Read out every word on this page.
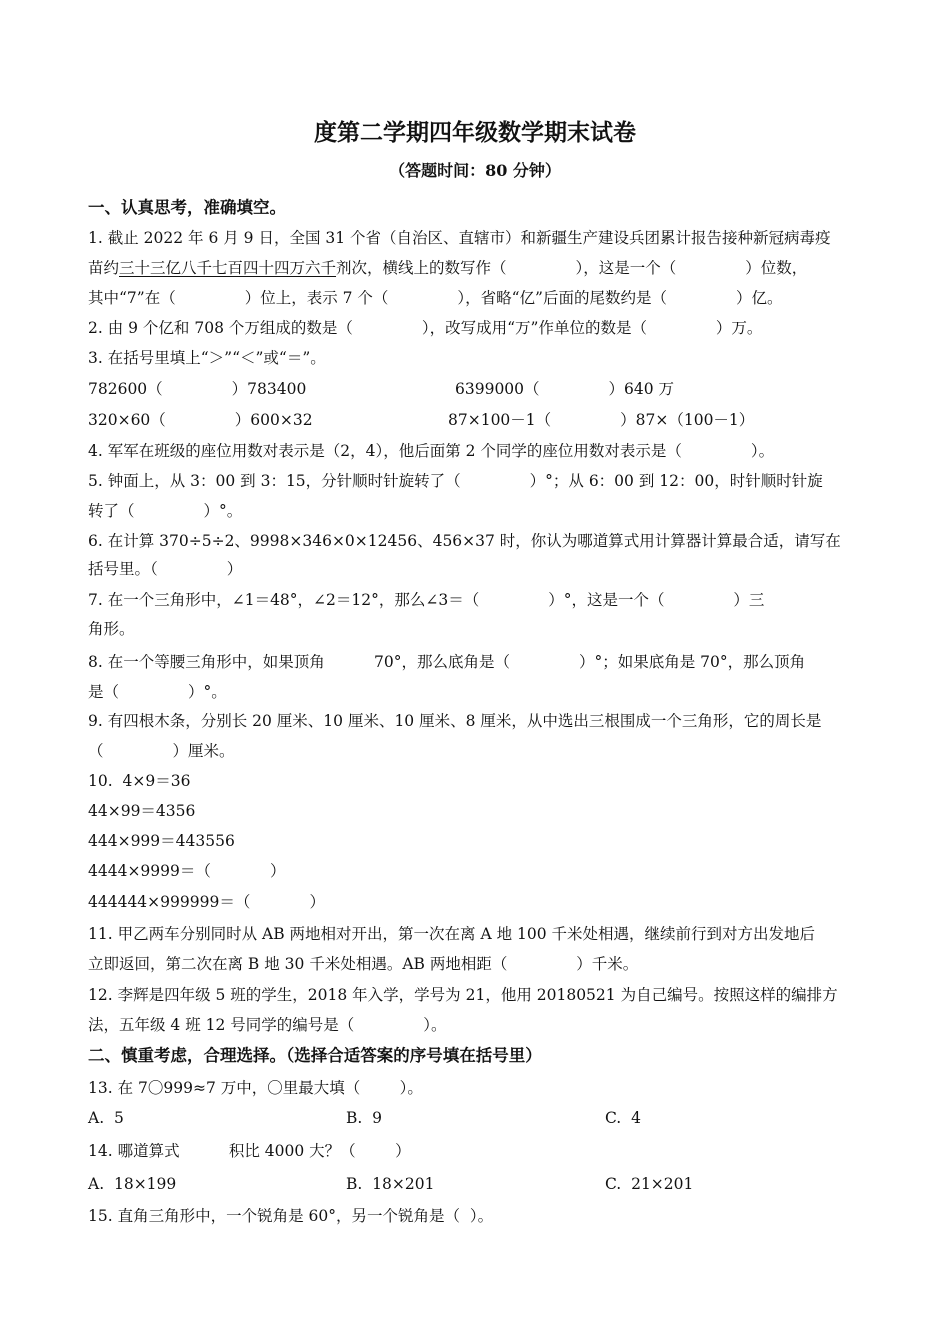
度第二学期四年级数学期末试卷
（答题时间：80 分钟）
一、认真思考，准确填空。
1. 截止 2022 年 6 月 9 日，全国 31 个省（自治区、直辖市）和新疆生产建设兵团累计报告接种新冠病毒疫
苗约三十三亿八千七百四十四万六千剂次，横线上的数写作（              ），这是一个（              ）位数，
其中“7”在（              ）位上，表示 7 个（              ），省略“亿”后面的尾数约是（              ）亿。
2. 由 9 个亿和 708 个万组成的数是（              ），改写成用“万”作单位的数是（              ）万。
3. 在括号里填上“＞”“＜”或“＝”。
782600（              ）783400	6399000（              ）640 万
320×60（              ）600×32	87×100－1（              ）87×（100－1）
4. 军军在班级的座位用数对表示是（2，4），他后面第 2 个同学的座位用数对表示是（              ）。
5. 钟面上，从 3：00 到 3：15，分针顺时针旋转了（              ）°；从 6：00 到 12：00，时针顺时针旋
转了（              ）°。
6. 在计算 370÷5÷2、9998×346×0×12456、456×37 时，你认为哪道算式用计算器计算最合适，请写在
括号里。（              ）
7. 在一个三角形中，∠1＝48°，∠2＝12°，那么∠3＝（              ）°，这是一个（              ）三
角形。
8. 在一个等腰三角形中，如果顶角          70°，那么底角是（              ）°；如果底角是 70°，那么顶角
是（              ）°。
9. 有四根木条，分别长 20 厘米、10 厘米、10 厘米、8 厘米，从中选出三根围成一个三角形，它的周长是
（              ）厘米。
10.  4×9＝36
44×99＝4356
444×999＝443556
4444×9999＝（            ）
444444×999999＝（            ）
11. 甲乙两车分别同时从 AB 两地相对开出，第一次在离 A 地 100 千米处相遇，继续前行到对方出发地后
立即返回，第二次在离 B 地 30 千米处相遇。AB 两地相距（              ）千米。
12. 李辉是四年级 5 班的学生，2018 年入学，学号为 21，他用 20180521 为自己编号。按照这样的编排方
法，五年级 4 班 12 号同学的编号是（              ）。
二、慎重考虑，合理选择。（选择合适答案的序号填在括号里）
13. 在 7〇999≈7 万中，〇里最大填（        ）。
A.  5	B.  9	C.  4
14. 哪道算式          积比 4000 大？（        ）
A.  18×199	B.  18×201	C.  21×201
15. 直角三角形中，一个锐角是 60°，另一个锐角是（  ）。
